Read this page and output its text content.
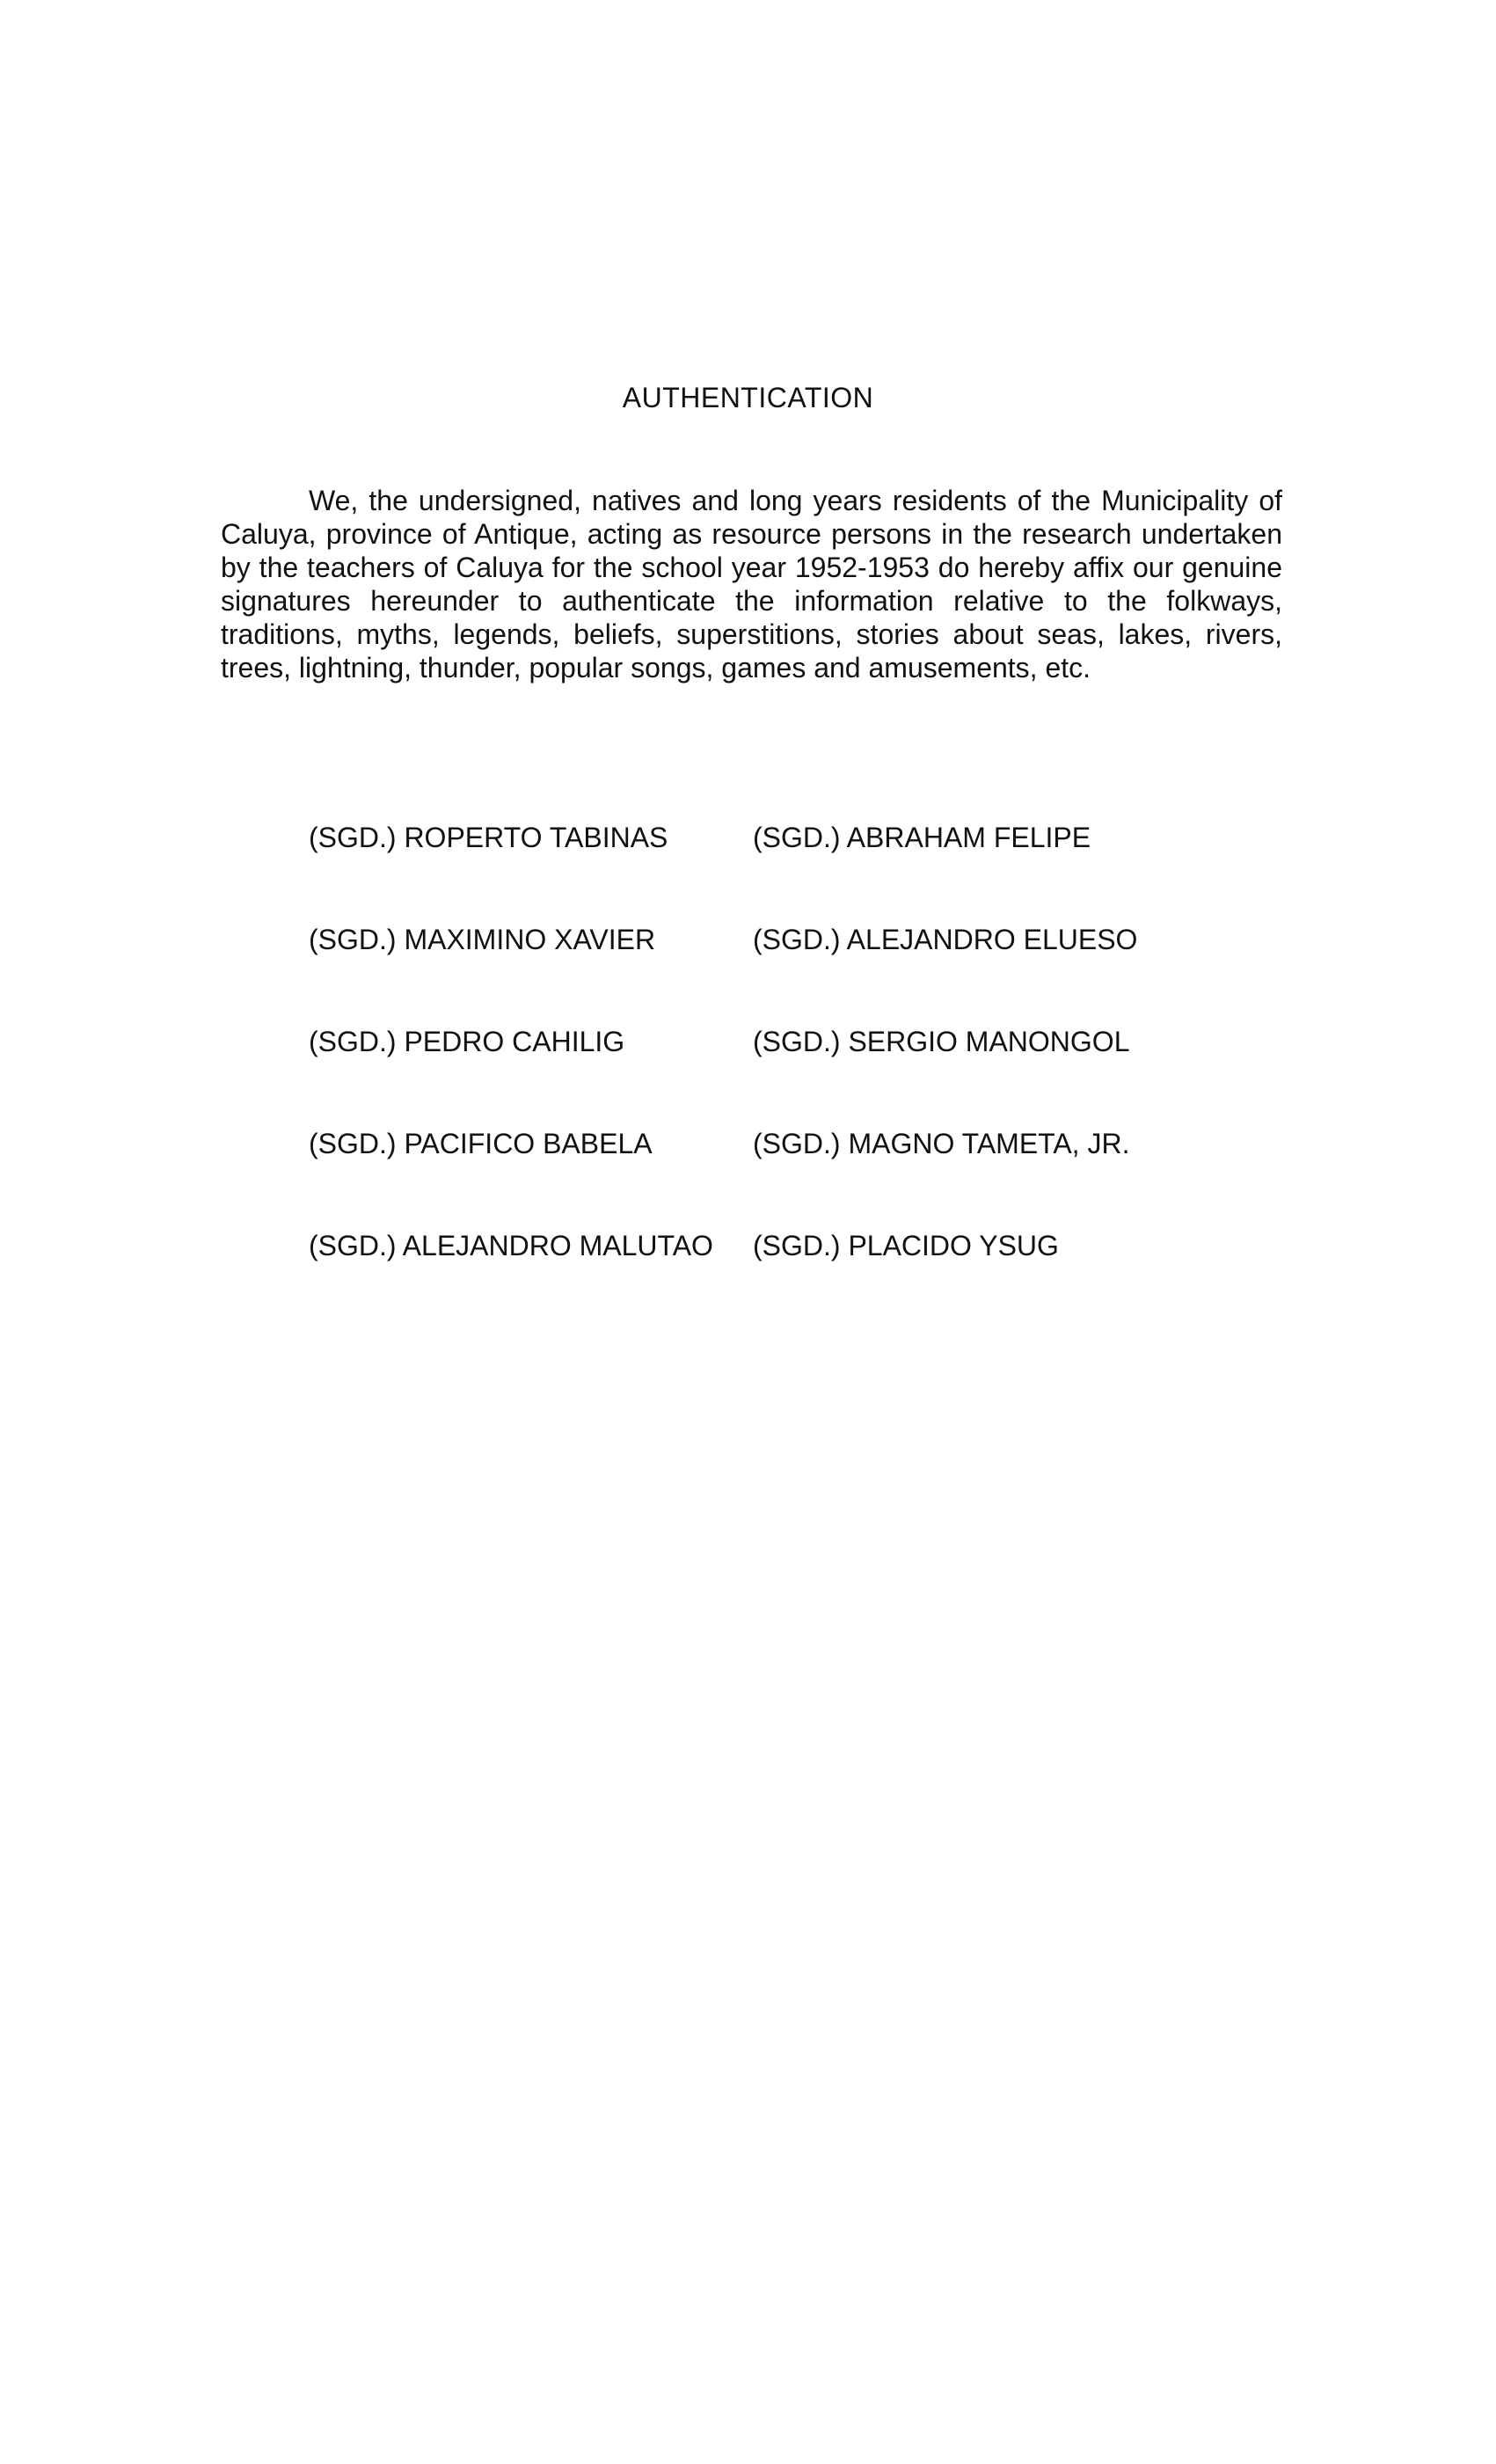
AUTHENTICATION

We, the undersigned, natives and long years residents of the Municipality of Caluya, province of Antique, acting as resource persons in the research undertaken by the teachers of Caluya for the school year 1952-1953 do hereby affix our genuine signatures hereunder to authenticate the information relative to the folkways, traditions, myths, legends, beliefs, superstitions, stories about seas, lakes, rivers, trees, lightning, thunder, popular songs, games and amusements, etc.

(SGD.) ROPERTO TABINAS	(SGD.) ABRAHAM FELIPE
(SGD.) MAXIMINO XAVIER	(SGD.) ALEJANDRO ELUESO
(SGD.) PEDRO CAHILIG	(SGD.) SERGIO MANONGOL
(SGD.) PACIFICO BABELA	(SGD.) MAGNO TAMETA, JR.
(SGD.) ALEJANDRO MALUTAO	(SGD.) PLACIDO YSUG
